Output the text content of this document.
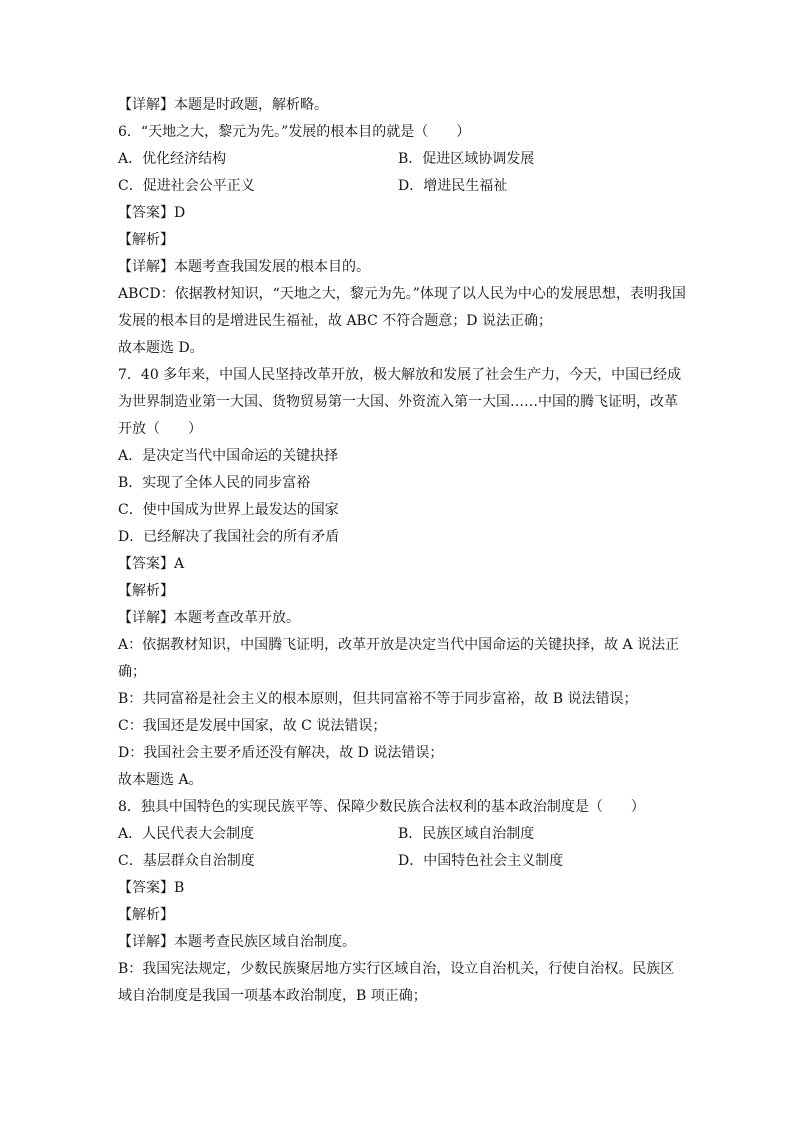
【详解】本题是时政题，解析略。
6．“天地之大，黎元为先。”发展的根本目的就是（　　）
A．优化经济结构	B．促进区域协调发展
C．促进社会公平正义	D．增进民生福祉
【答案】D
【解析】
【详解】本题考查我国发展的根本目的。
ABCD：依据教材知识，“天地之大，黎元为先。”体现了以人民为中心的发展思想，表明我国
发展的根本目的是增进民生福祉，故 ABC 不符合题意；D 说法正确；
故本题选 D。
7．40 多年来，中国人民坚持改革开放，极大解放和发展了社会生产力，今天，中国已经成
为世界制造业第一大国、货物贸易第一大国、外资流入第一大国……中国的腾飞证明，改革
开放（　　）
A．是决定当代中国命运的关键抉择
B．实现了全体人民的同步富裕
C．使中国成为世界上最发达的国家
D．已经解决了我国社会的所有矛盾
【答案】A
【解析】
【详解】本题考查改革开放。
A：依据教材知识，中国腾飞证明，改革开放是决定当代中国命运的关键抉择，故 A 说法正
确；
B：共同富裕是社会主义的根本原则，但共同富裕不等于同步富裕，故 B 说法错误；
C：我国还是发展中国家，故 C 说法错误；
D：我国社会主要矛盾还没有解决，故 D 说法错误；
故本题选 A。
8．独具中国特色的实现民族平等、保障少数民族合法权利的基本政治制度是（　　）
A．人民代表大会制度	B．民族区域自治制度
C．基层群众自治制度	D．中国特色社会主义制度
【答案】B
【解析】
【详解】本题考查民族区域自治制度。
B：我国宪法规定，少数民族聚居地方实行区域自治，设立自治机关，行使自治权。民族区
域自治制度是我国一项基本政治制度，B 项正确；
